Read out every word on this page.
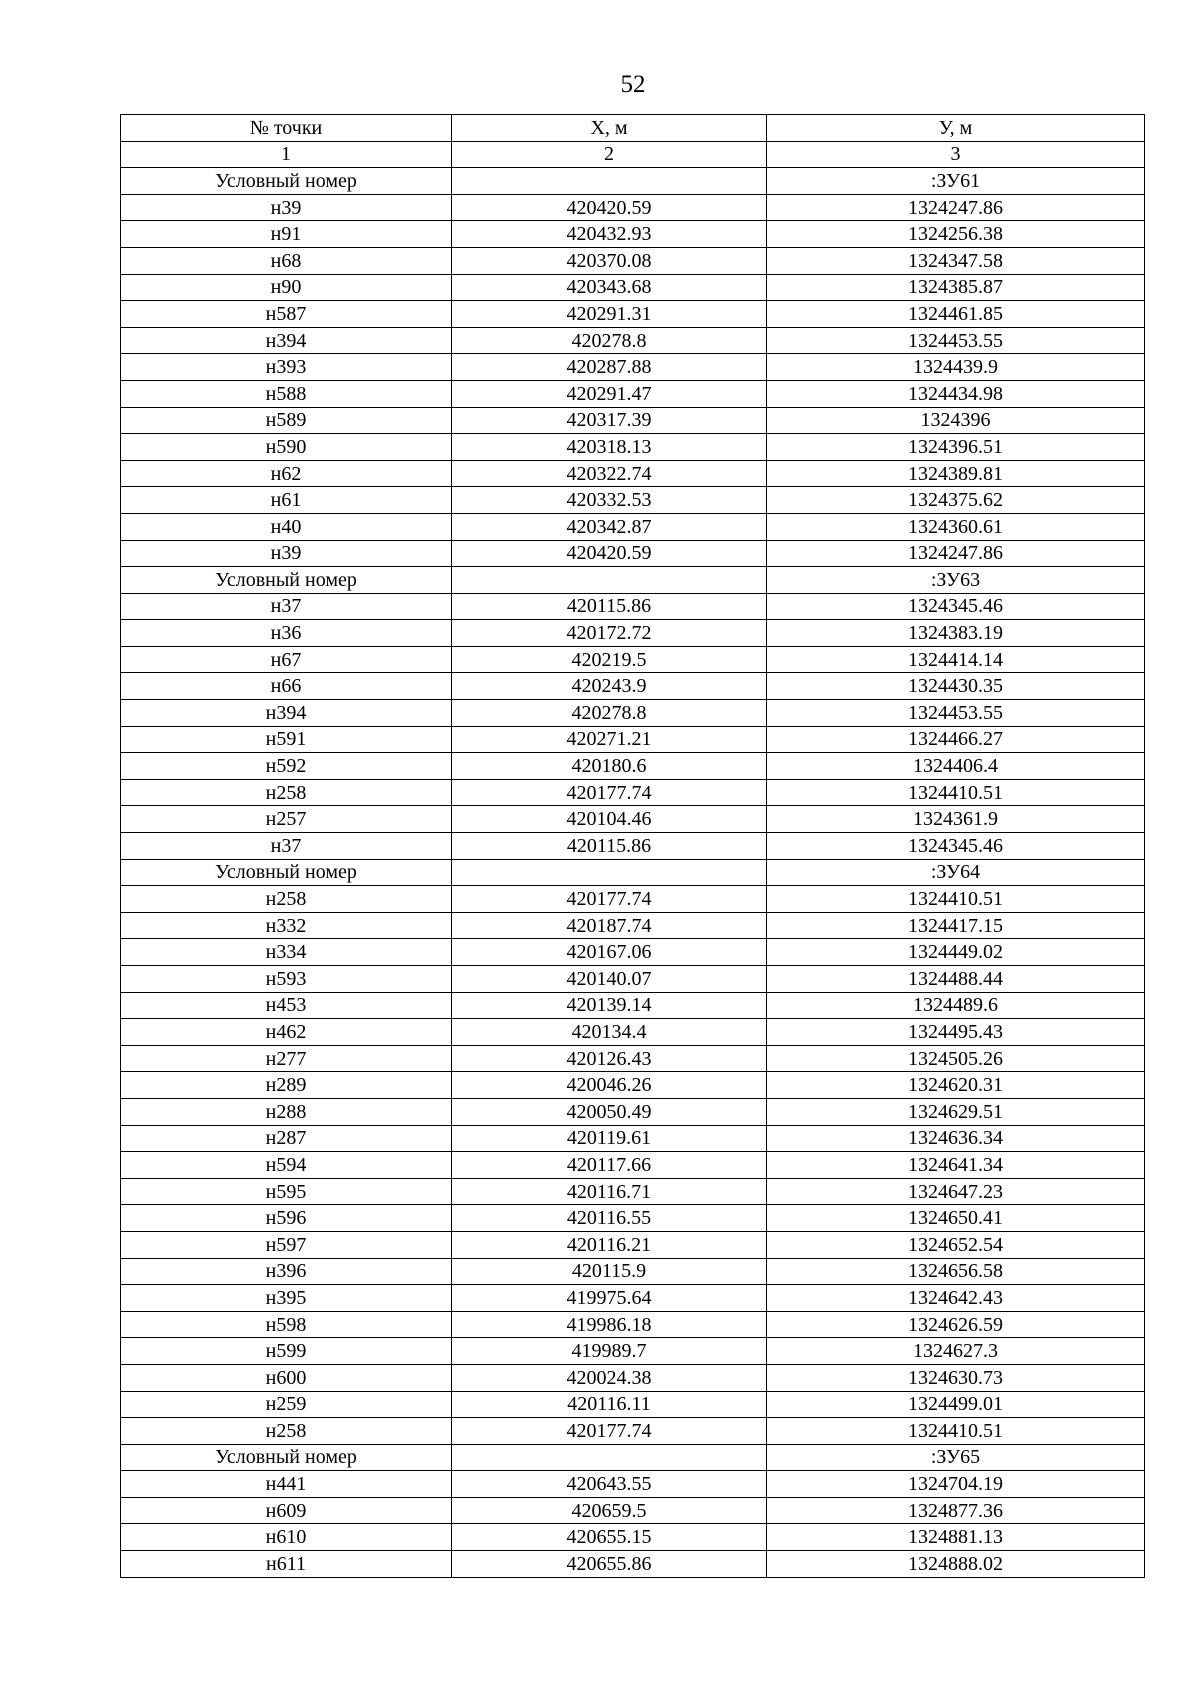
52
№ точки	X, м	У, м
1	2	3
Условный номер		:ЗУ61
н39	420420.59	1324247.86
н91	420432.93	1324256.38
н68	420370.08	1324347.58
н90	420343.68	1324385.87
н587	420291.31	1324461.85
н394	420278.8	1324453.55
н393	420287.88	1324439.9
н588	420291.47	1324434.98
н589	420317.39	1324396
н590	420318.13	1324396.51
н62	420322.74	1324389.81
н61	420332.53	1324375.62
н40	420342.87	1324360.61
н39	420420.59	1324247.86
Условный номер		:ЗУ63
н37	420115.86	1324345.46
н36	420172.72	1324383.19
н67	420219.5	1324414.14
н66	420243.9	1324430.35
н394	420278.8	1324453.55
н591	420271.21	1324466.27
н592	420180.6	1324406.4
н258	420177.74	1324410.51
н257	420104.46	1324361.9
н37	420115.86	1324345.46
Условный номер		:ЗУ64
н258	420177.74	1324410.51
н332	420187.74	1324417.15
н334	420167.06	1324449.02
н593	420140.07	1324488.44
н453	420139.14	1324489.6
н462	420134.4	1324495.43
н277	420126.43	1324505.26
н289	420046.26	1324620.31
н288	420050.49	1324629.51
н287	420119.61	1324636.34
н594	420117.66	1324641.34
н595	420116.71	1324647.23
н596	420116.55	1324650.41
н597	420116.21	1324652.54
н396	420115.9	1324656.58
н395	419975.64	1324642.43
н598	419986.18	1324626.59
н599	419989.7	1324627.3
н600	420024.38	1324630.73
н259	420116.11	1324499.01
н258	420177.74	1324410.51
Условный номер		:ЗУ65
н441	420643.55	1324704.19
н609	420659.5	1324877.36
н610	420655.15	1324881.13
н611	420655.86	1324888.02
